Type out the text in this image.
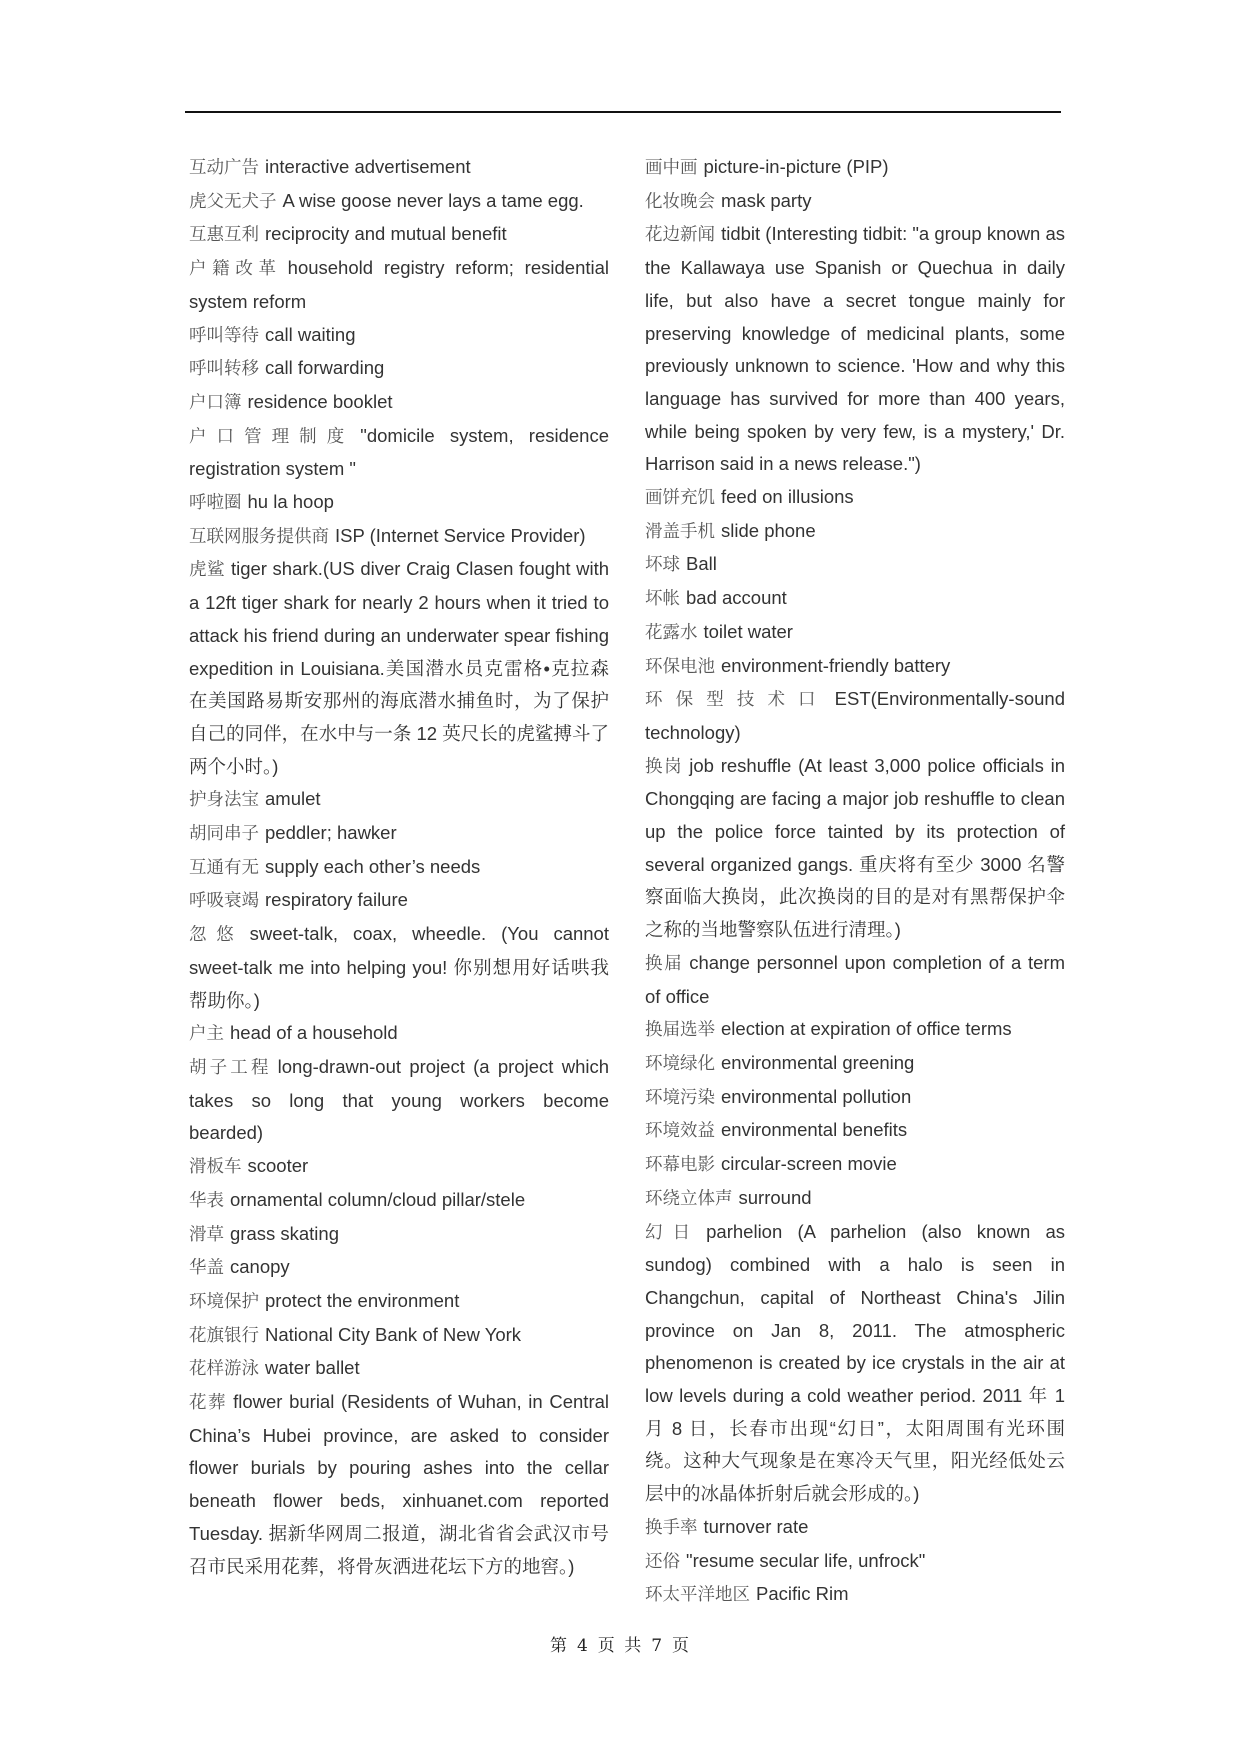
互动广告 interactive advertisement

虎父无犬子 A wise goose never lays a tame egg.

互惠互利 reciprocity and mutual benefit

户籍改革 household registry reform; residential system reform

呼叫等待 call waiting

呼叫转移 call forwarding

户口簿 residence booklet

户口管理制度 "domicile system, residence registration system "

呼啦圈 hu la hoop

互联网服务提供商 ISP (Internet Service Provider)

虎鲨 tiger shark.(US diver Craig Clasen fought with a 12ft tiger shark for nearly 2 hours when it tried to attack his friend during an underwater spear fishing expedition in Louisiana.美国潜水员克雷格•克拉森在美国路易斯安那州的海底潜水捕鱼时，为了保护自己的同伴，在水中与一条 12 英尺长的虎鲨搏斗了两个小时。)

护身法宝 amulet

胡同串子 peddler; hawker

互通有无 supply each other’s needs

呼吸衰竭 respiratory failure

忽悠 sweet-talk, coax, wheedle. (You cannot sweet-talk me into helping you! 你别想用好话哄我帮助你。)

户主 head of a household

胡子工程 long-drawn-out project (a project which takes so long that young workers become bearded)

滑板车 scooter

华表 ornamental column/cloud pillar/stele

滑草 grass skating

华盖 canopy

环境保护 protect the environment

花旗银行 National City Bank of New York

花样游泳 water ballet

花葬 flower burial (Residents of Wuhan, in Central China’s Hubei province, are asked to consider flower burials by pouring ashes into the cellar beneath flower beds, xinhuanet.com reported Tuesday. 据新华网周二报道，湖北省省会武汉市号召市民采用花葬，将骨灰洒进花坛下方的地窖。)

画中画 picture-in-picture (PIP)

化妆晚会 mask party

花边新闻 tidbit (Interesting tidbit: "a group known as the Kallawaya use Spanish or Quechua in daily life, but also have a secret tongue mainly for preserving knowledge of medicinal plants, some previously unknown to science. 'How and why this language has survived for more than 400 years, while being spoken by very few, is a mystery,' Dr. Harrison said in a news release.")

画饼充饥 feed on illusions

滑盖手机 slide phone

坏球 Ball

坏帐 bad account

花露水 toilet water

环保电池 environment-friendly battery

环保型技术口 EST(Environmentally-sound technology)

换岗 job reshuffle (At least 3,000 police officials in Chongqing are facing a major job reshuffle to clean up the police force tainted by its protection of several organized gangs. 重庆将有至少 3000 名警察面临大换岗，此次换岗的目的是对有黑帮保护伞之称的当地警察队伍进行清理。)

换届 change personnel upon completion of a term of office

换届选举 election at expiration of office terms

环境绿化 environmental greening

环境污染 environmental pollution

环境效益 environmental benefits

环幕电影 circular-screen movie

环绕立体声 surround

幻日 parhelion (A parhelion (also known as sundog) combined with a halo is seen in Changchun, capital of Northeast China's Jilin province on Jan 8, 2011. The atmospheric phenomenon is created by ice crystals in the air at low levels during a cold weather period. 2011 年 1 月 8 日，长春市出现“幻日”，太阳周围有光环围绕。这种大气现象是在寒冷天气里，阳光经低处云层中的冰晶体折射后就会形成的。)

换手率 turnover rate

还俗 "resume secular life, unfrock"

环太平洋地区 Pacific Rim

第 4 页 共 7 页
